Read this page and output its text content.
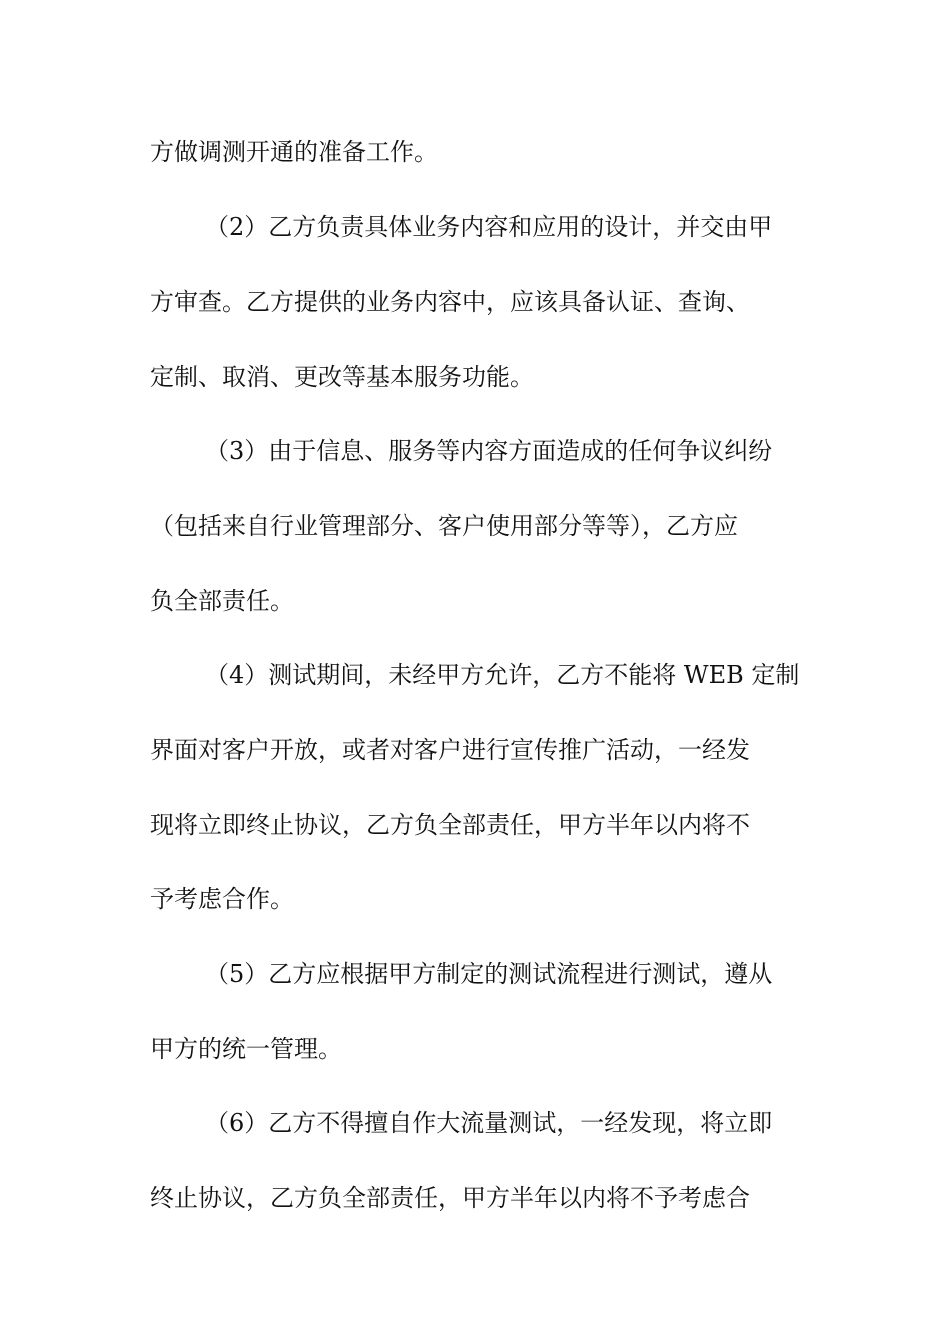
方做调测开通的准备工作。

（2）乙方负责具体业务内容和应用的设计，并交由甲

方审查。乙方提供的业务内容中，应该具备认证、查询、

定制、取消、更改等基本服务功能。

（3）由于信息、服务等内容方面造成的任何争议纠纷

（包括来自行业管理部分、客户使用部分等等），乙方应

负全部责任。

（4）测试期间，未经甲方允许，乙方不能将 WEB 定制

界面对客户开放，或者对客户进行宣传推广活动，一经发

现将立即终止协议，乙方负全部责任，甲方半年以内将不

予考虑合作。

（5）乙方应根据甲方制定的测试流程进行测试，遵从

甲方的统一管理。

（6）乙方不得擅自作大流量测试，一经发现，将立即

终止协议，乙方负全部责任，甲方半年以内将不予考虑合
